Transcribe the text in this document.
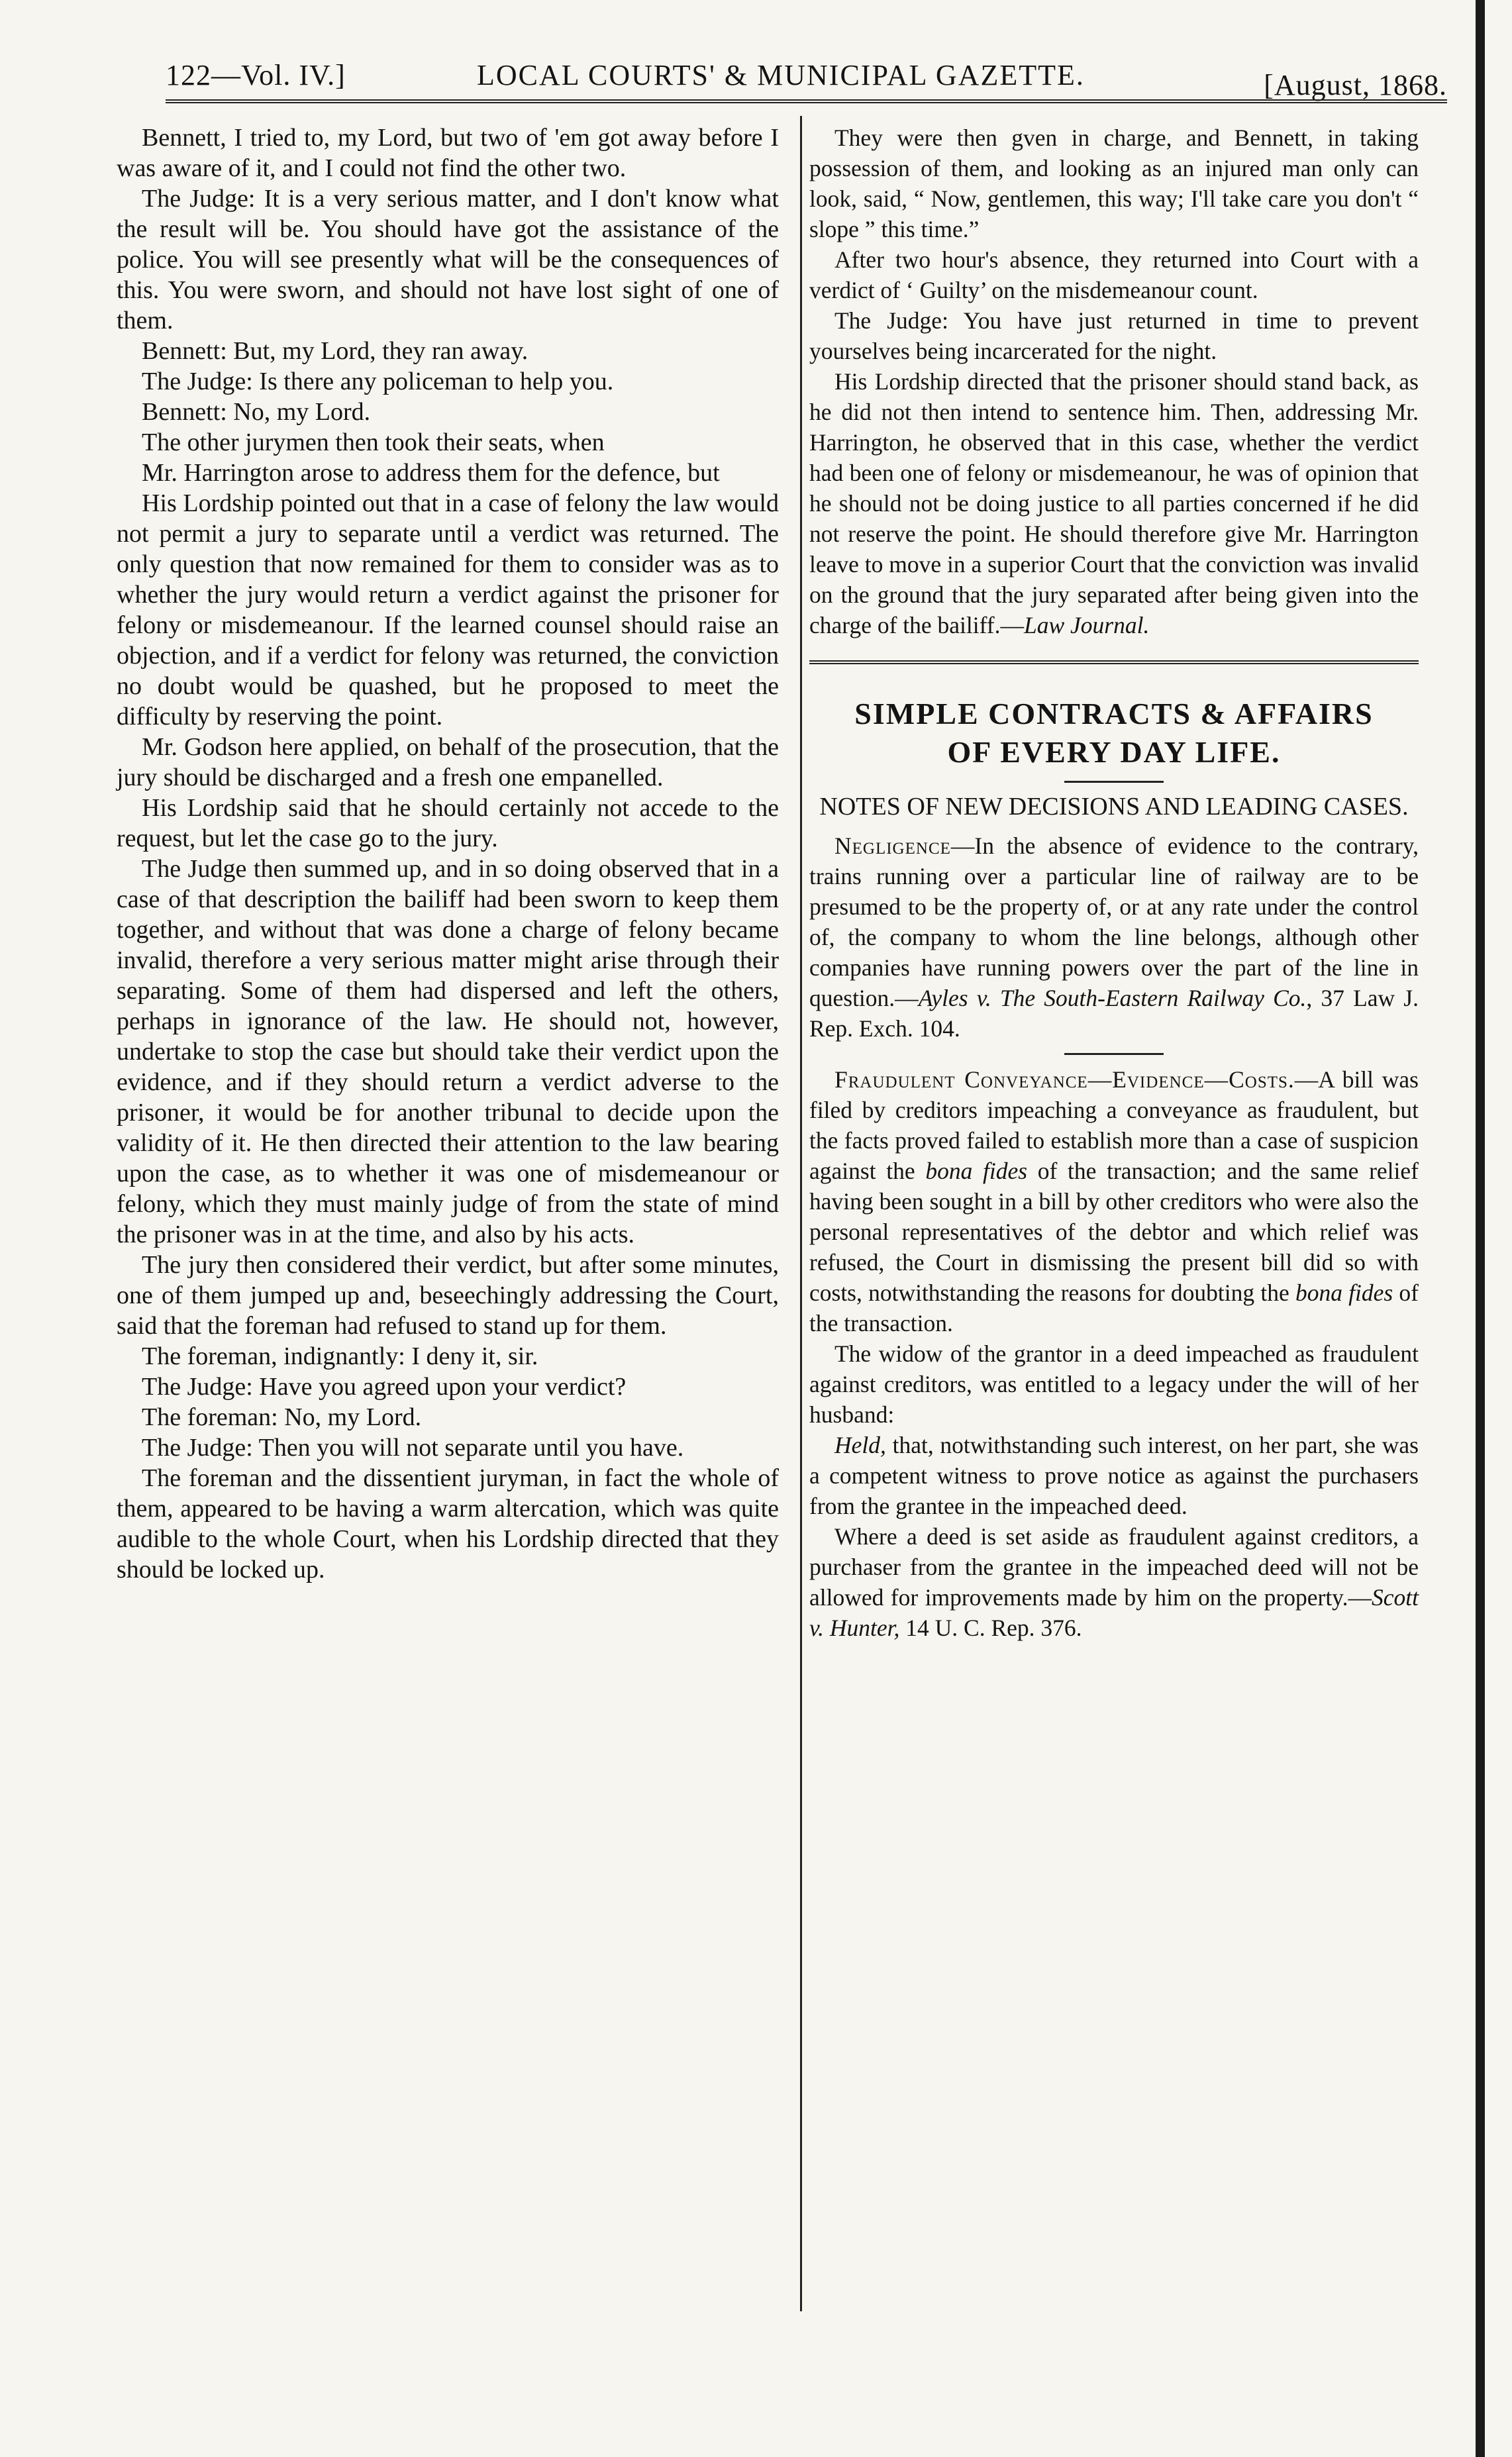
122—Vol. IV.]	LOCAL COURTS' & MUNICIPAL GAZETTE.	[August, 1868.

Bennett, I tried to, my Lord, but two of 'em got away before I was aware of it, and I could not find the other two.

The Judge: It is a very serious matter, and I don't know what the result will be. You should have got the assistance of the police. You will see presently what will be the consequences of this. You were sworn, and should not have lost sight of one of them.

Bennett: But, my Lord, they ran away.

The Judge: Is there any policeman to help you.

Bennett: No, my Lord.

The other jurymen then took their seats, when

Mr. Harrington arose to address them for the defence, but

His Lordship pointed out that in a case of felony the law would not permit a jury to separate until a verdict was returned. The only question that now remained for them to consider was as to whether the jury would return a verdict against the prisoner for felony or misdemeanour. If the learned counsel should raise an objection, and if a verdict for felony was returned, the conviction no doubt would be quashed, but he proposed to meet the difficulty by reserving the point.

Mr. Godson here applied, on behalf of the prosecution, that the jury should be discharged and a fresh one empanelled.

His Lordship said that he should certainly not accede to the request, but let the case go to the jury.

The Judge then summed up, and in so doing observed that in a case of that description the bailiff had been sworn to keep them together, and without that was done a charge of felony became invalid, therefore a very serious matter might arise through their separating. Some of them had dispersed and left the others, perhaps in ignorance of the law. He should not, however, undertake to stop the case but should take their verdict upon the evidence, and if they should return a verdict adverse to the prisoner, it would be for another tribunal to decide upon the validity of it. He then directed their attention to the law bearing upon the case, as to whether it was one of misdemeanour or felony, which they must mainly judge of from the state of mind the prisoner was in at the time, and also by his acts.

The jury then considered their verdict, but after some minutes, one of them jumped up and, beseechingly addressing the Court, said that the foreman had refused to stand up for them.

The foreman, indignantly: I deny it, sir.

The Judge: Have you agreed upon your verdict?

The foreman: No, my Lord.

The Judge: Then you will not separate until you have.

The foreman and the dissentient juryman, in fact the whole of them, appeared to be having a warm altercation, which was quite audible to the whole Court, when his Lordship directed that they should be locked up.

They were then gven in charge, and Bennett, in taking possession of them, and looking as an injured man only can look, said, “ Now, gentlemen, this way; I'll take care you don't “ slope ” this time.”

After two hour's absence, they returned into Court with a verdict of ‘ Guilty’ on the misdemeanour count.

The Judge: You have just returned in time to prevent yourselves being incarcerated for the night.

His Lordship directed that the prisoner should stand back, as he did not then intend to sentence him. Then, addressing Mr. Harrington, he observed that in this case, whether the verdict had been one of felony or misdemeanour, he was of opinion that he should not be doing justice to all parties concerned if he did not reserve the point. He should therefore give Mr. Harrington leave to move in a superior Court that the conviction was invalid on the ground that the jury separated after being given into the charge of the bailiff.—Law Journal.

SIMPLE CONTRACTS & AFFAIRS
OF EVERY DAY LIFE.
NOTES OF NEW DECISIONS AND LEADING CASES.

Negligence—In the absence of evidence to the contrary, trains running over a particular line of railway are to be presumed to be the property of, or at any rate under the control of, the company to whom the line belongs, although other companies have running powers over the part of the line in question.—Ayles v. The South-Eastern Railway Co., 37 Law J. Rep. Exch. 104.

Fraudulent Conveyance—Evidence—Costs.—A bill was filed by creditors impeaching a conveyance as fraudulent, but the facts proved failed to establish more than a case of suspicion against the bona fides of the transaction; and the same relief having been sought in a bill by other creditors who were also the personal representatives of the debtor and which relief was refused, the Court in dismissing the present bill did so with costs, notwithstanding the reasons for doubting the bona fides of the transaction.

The widow of the grantor in a deed impeached as fraudulent against creditors, was entitled to a legacy under the will of her husband:

Held, that, notwithstanding such interest, on her part, she was a competent witness to prove notice as against the purchasers from the grantee in the impeached deed.

Where a deed is set aside as fraudulent against creditors, a purchaser from the grantee in the impeached deed will not be allowed for improvements made by him on the property.—Scott v. Hunter, 14 U. C. Rep. 376.
